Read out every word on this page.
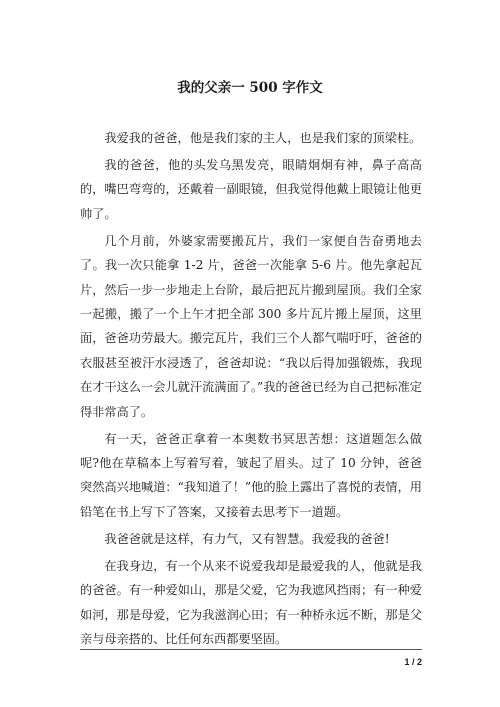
我的父亲一 500 字作文

我爱我的爸爸，他是我们家的主人，也是我们家的顶梁柱。

我的爸爸，他的头发乌黑发亮，眼睛炯炯有神，鼻子高高的，嘴巴弯弯的，还戴着一副眼镜，但我觉得他戴上眼镜让他更帅了。

几个月前，外婆家需要搬瓦片，我们一家便自告奋勇地去了。我一次只能拿 1-2 片，爸爸一次能拿 5-6 片。他先拿起瓦片，然后一步一步地走上台阶，最后把瓦片搬到屋顶。我们全家一起搬，搬了一个上午才把全部 300 多片瓦片搬上屋顶，这里面，爸爸功劳最大。搬完瓦片，我们三个人都气喘吁吁，爸爸的衣服甚至被汗水浸透了，爸爸却说：“我以后得加强锻炼，我现在才干这么一会儿就汗流满面了。”我的爸爸已经为自己把标准定得非常高了。

有一天，爸爸正拿着一本奥数书冥思苦想：这道题怎么做呢?他在草稿本上写着写着，皱起了眉头。过了 10 分钟，爸爸突然高兴地喊道：“我知道了！”他的脸上露出了喜悦的表情，用铅笔在书上写下了答案，又接着去思考下一道题。

我爸爸就是这样，有力气，又有智慧。我爱我的爸爸!

在我身边，有一个从来不说爱我却是最爱我的人，他就是我的爸爸。有一种爱如山，那是父爱，它为我遮风挡雨；有一种爱如河，那是母爱，它为我滋润心田；有一种桥永远不断，那是父亲与母亲搭的、比任何东西都要坚固。

1 / 2
